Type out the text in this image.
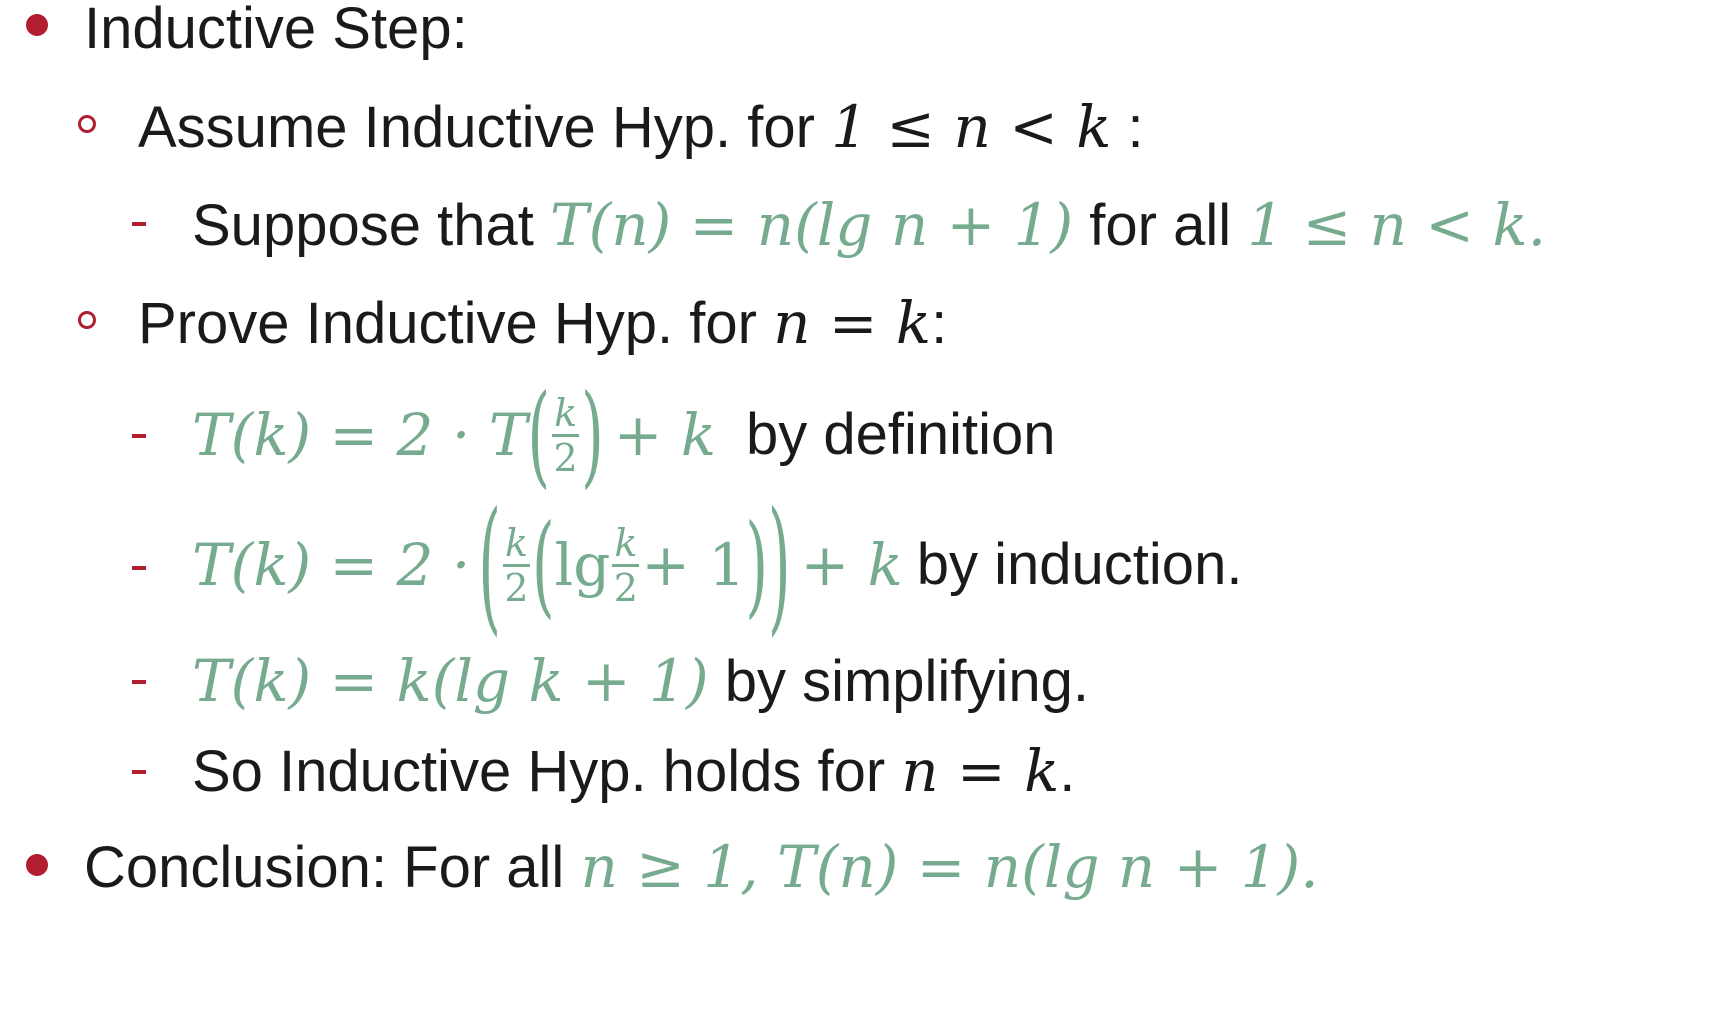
Inductive Step:
Assume Inductive Hyp. for 1 ≤ n < k :
Suppose that T(n) = n(lg n + 1) for all 1 ≤ n < k.
Prove Inductive Hyp. for n = k:
T(k) = 2 · T ( $\frac{k}{2}$ ) + k by definition
T(k) = 2 · ( $\frac{k}{2}$ ( $\lg \frac{k}{2} + 1$ ) ) + k by induction.
T(k) = k(lg k + 1) by simplifying.
So Inductive Hyp. holds for n = k.
Conclusion: For all n ≥ 1, T(n) = n(lg n + 1).
